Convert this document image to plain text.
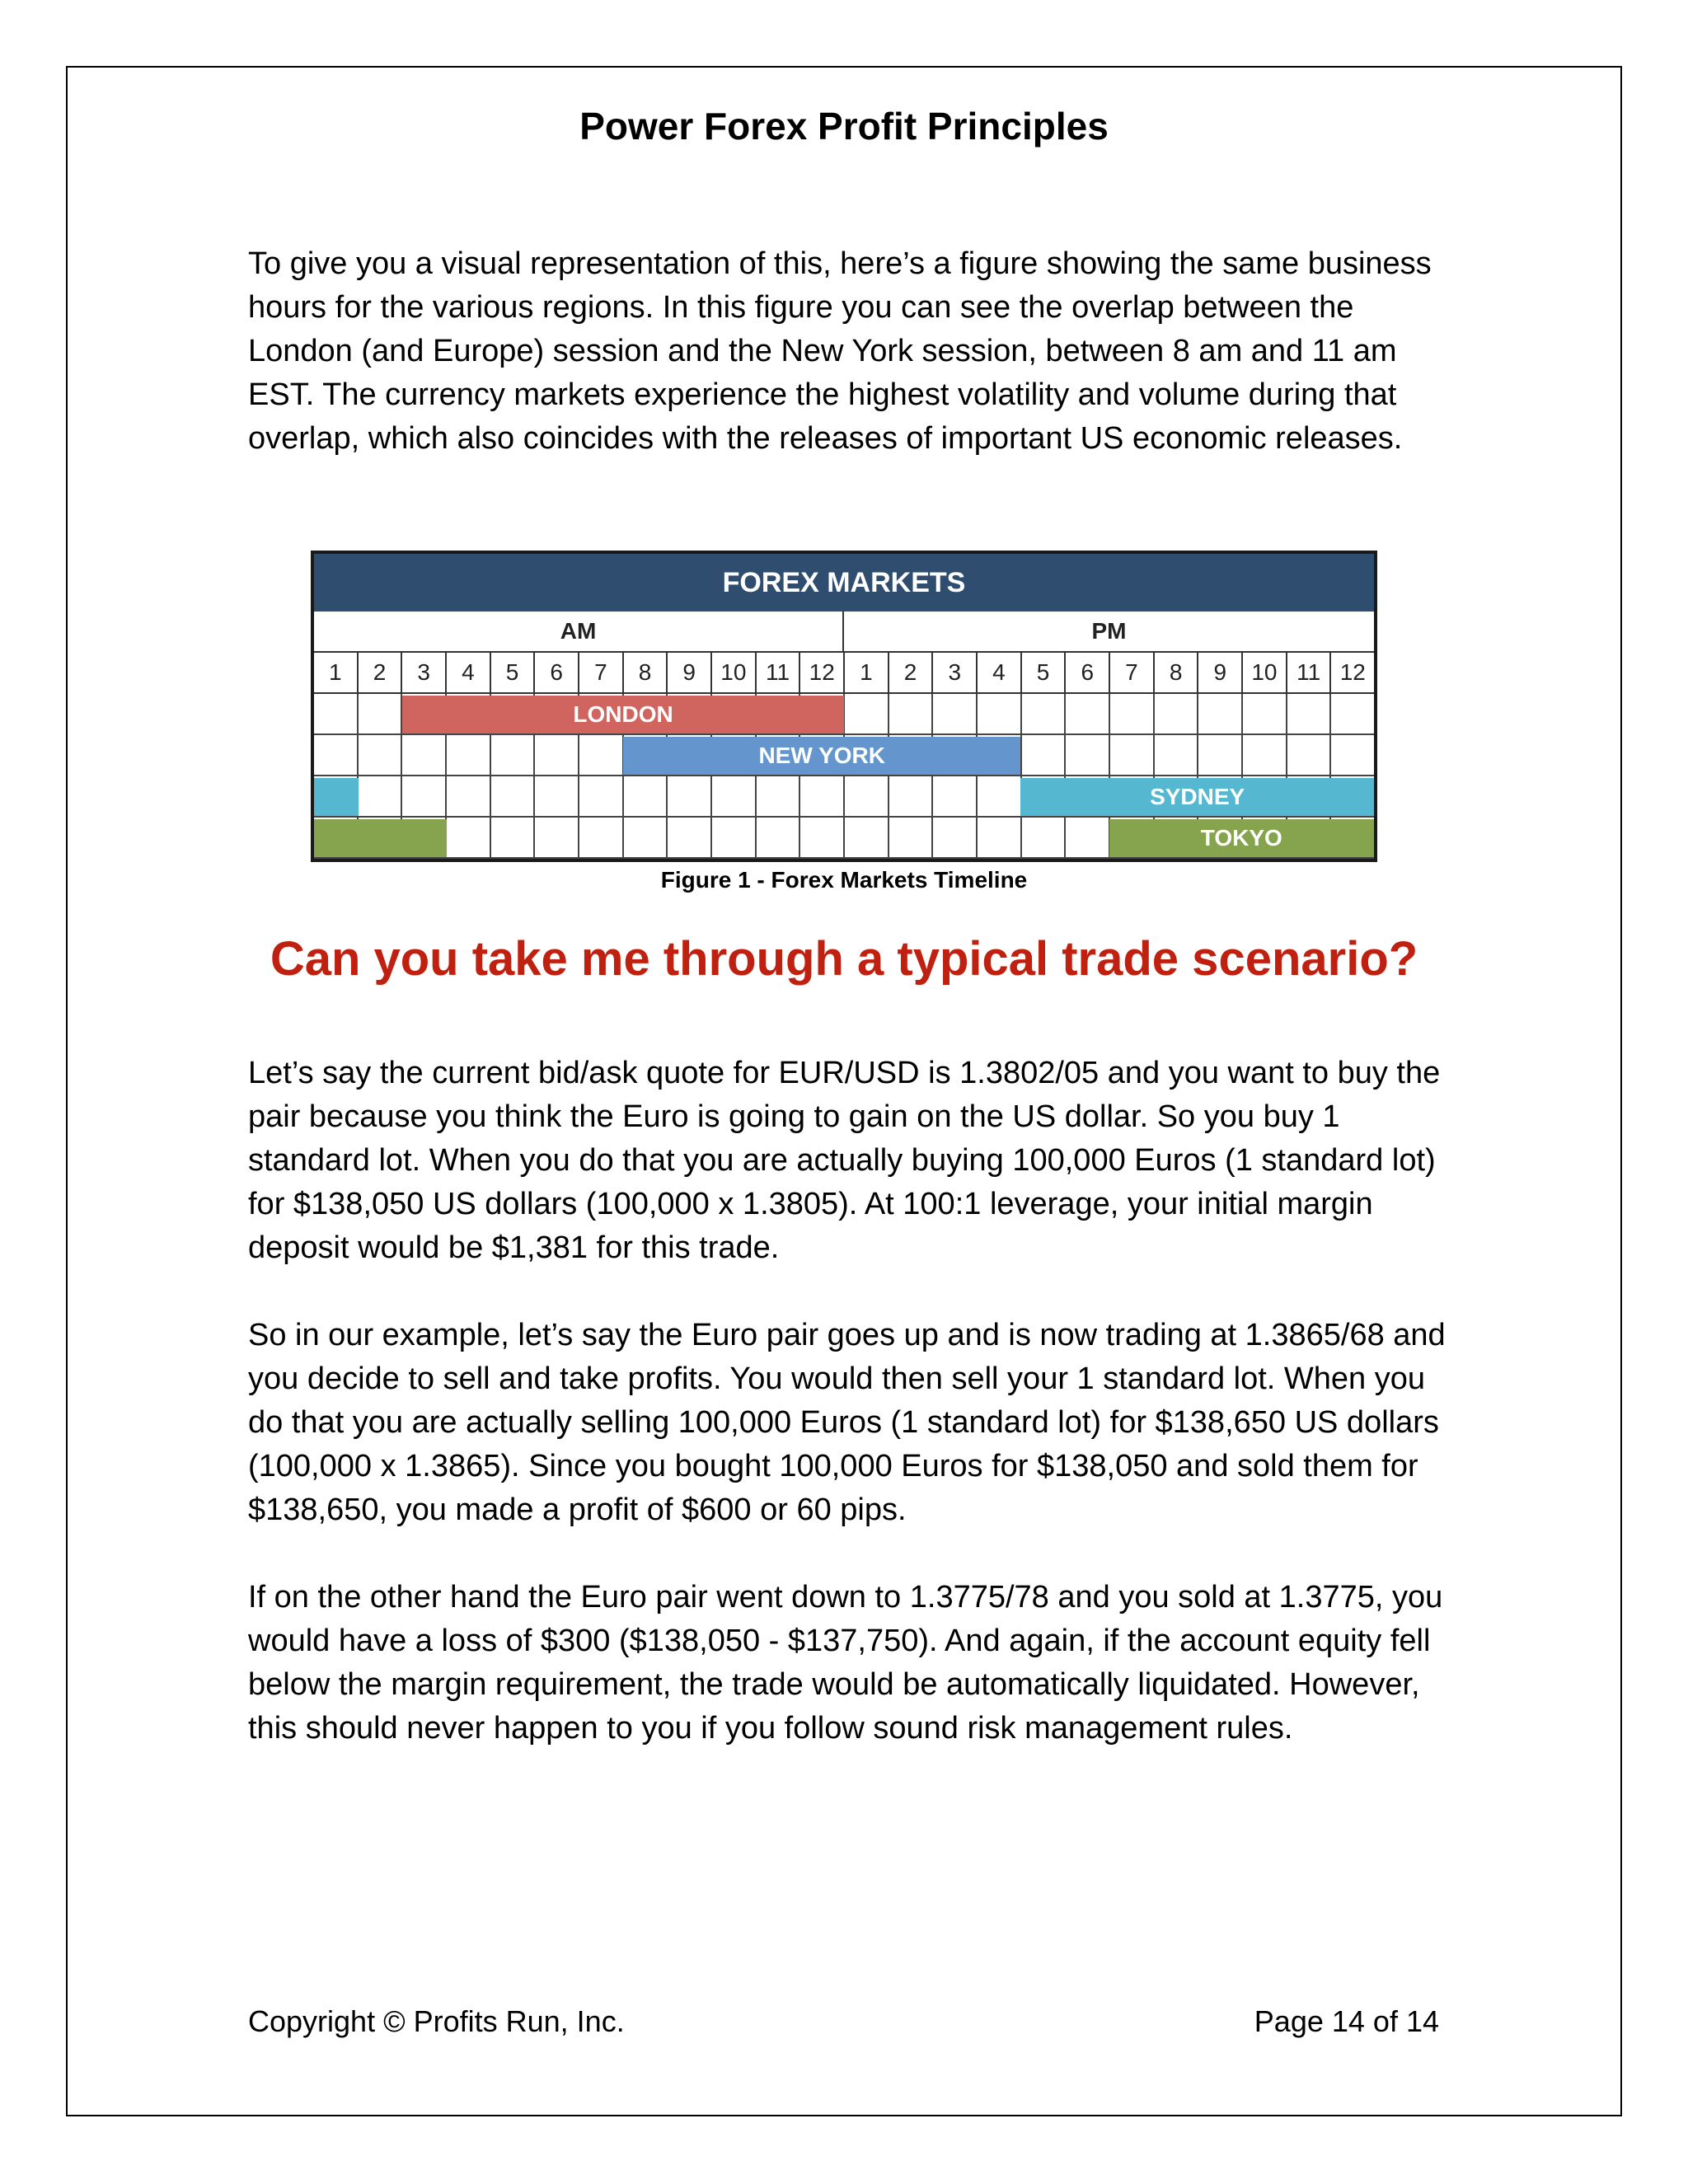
Power Forex Profit Principles
To give you a visual representation of this, here’s a figure showing the same business hours for the various regions. In this figure you can see the overlap between the London (and Europe) session and the New York session, between 8 am and 11 am EST. The currency markets experience the highest volatility and volume during that overlap, which also coincides with the releases of important US economic releases.
FOREX MARKETS
AM	PM
1	2	3	4	5	6	7	8	9	10 11 12	1	2	3	4	5	6	7	8	9	10 11 12
LONDON
NEW YORK
SYDNEY
TOKYO
Figure 1 - Forex Markets Timeline
Can you take me through a typical trade scenario?
Let’s say the current bid/ask quote for EUR/USD is 1.3802/05 and you want to buy the pair because you think the Euro is going to gain on the US dollar. So you buy 1 standard lot. When you do that you are actually buying 100,000 Euros (1 standard lot) for $138,050 US dollars (100,000 x 1.3805). At 100:1 leverage, your initial margin deposit would be $1,381 for this trade.
So in our example, let’s say the Euro pair goes up and is now trading at 1.3865/68 and you decide to sell and take profits. You would then sell your 1 standard lot. When you do that you are actually selling 100,000 Euros (1 standard lot) for $138,650 US dollars (100,000 x 1.3865). Since you bought 100,000 Euros for $138,050 and sold them for $138,650, you made a profit of $600 or 60 pips.
If on the other hand the Euro pair went down to 1.3775/78 and you sold at 1.3775, you would have a loss of $300 ($138,050 - $137,750). And again, if the account equity fell below the margin requirement, the trade would be automatically liquidated. However, this should never happen to you if you follow sound risk management rules.
Copyright © Profits Run, Inc.	Page 14 of 14
